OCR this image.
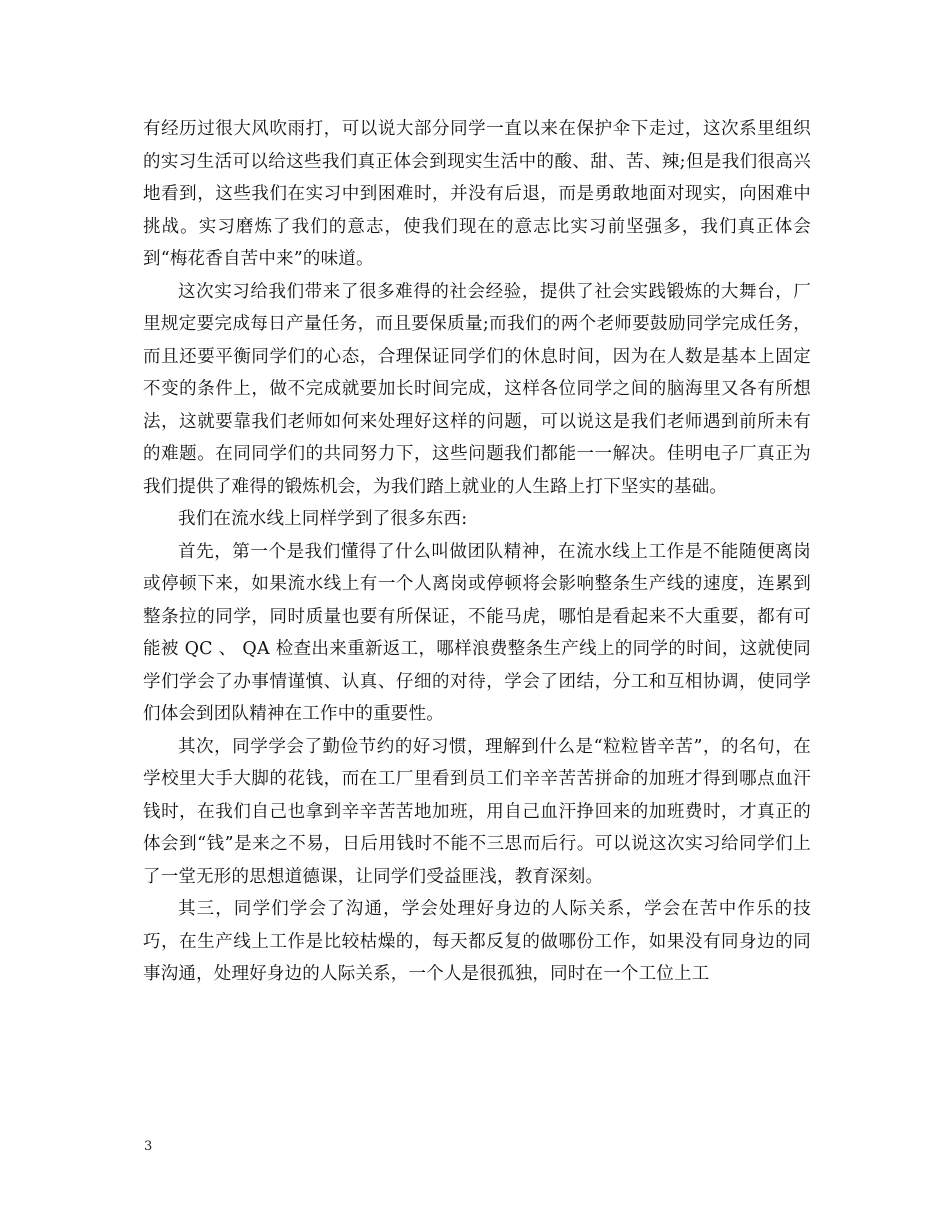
有经历过很大风吹雨打，可以说大部分同学一直以来在保护伞下走过，这次系里组织的实习生活可以给这些我们真正体会到现实生活中的酸、甜、苦、辣;但是我们很高兴地看到，这些我们在实习中到困难时，并没有后退，而是勇敢地面对现实，向困难中挑战。实习磨炼了我们的意志，使我们现在的意志比实习前坚强多，我们真正体会到“梅花香自苦中来”的味道。

这次实习给我们带来了很多难得的社会经验，提供了社会实践锻炼的大舞台，厂里规定要完成每日产量任务，而且要保质量;而我们的两个老师要鼓励同学完成任务，而且还要平衡同学们的心态，合理保证同学们的休息时间，因为在人数是基本上固定不变的条件上，做不完成就要加长时间完成，这样各位同学之间的脑海里又各有所想法，这就要靠我们老师如何来处理好这样的问题，可以说这是我们老师遇到前所未有的难题。在同同学们的共同努力下，这些问题我们都能一一解决。佳明电子厂真正为我们提供了难得的锻炼机会，为我们踏上就业的人生路上打下坚实的基础。

我们在流水线上同样学到了很多东西:

首先，第一个是我们懂得了什么叫做团队精神，在流水线上工作是不能随便离岗或停顿下来，如果流水线上有一个人离岗或停顿将会影响整条生产线的速度，连累到整条拉的同学，同时质量也要有所保证，不能马虎，哪怕是看起来不大重要，都有可能被 QC 、 QA 检查出来重新返工，哪样浪费整条生产线上的同学的时间，这就使同学们学会了办事情谨慎、认真、仔细的对待，学会了团结，分工和互相协调，使同学们体会到团队精神在工作中的重要性。

其次，同学学会了勤俭节约的好习惯，理解到什么是“粒粒皆辛苦”，的名句，在学校里大手大脚的花钱，而在工厂里看到员工们辛辛苦苦拼命的加班才得到哪点血汗钱时，在我们自己也拿到辛辛苦苦地加班，用自己血汗挣回来的加班费时，才真正的体会到“钱”是来之不易，日后用钱时不能不三思而后行。可以说这次实习给同学们上了一堂无形的思想道德课，让同学们受益匪浅，教育深刻。

其三，同学们学会了沟通，学会处理好身边的人际关系，学会在苦中作乐的技巧，在生产线上工作是比较枯燥的，每天都反复的做哪份工作，如果没有同身边的同事沟通，处理好身边的人际关系，一个人是很孤独，同时在一个工位上工

3
